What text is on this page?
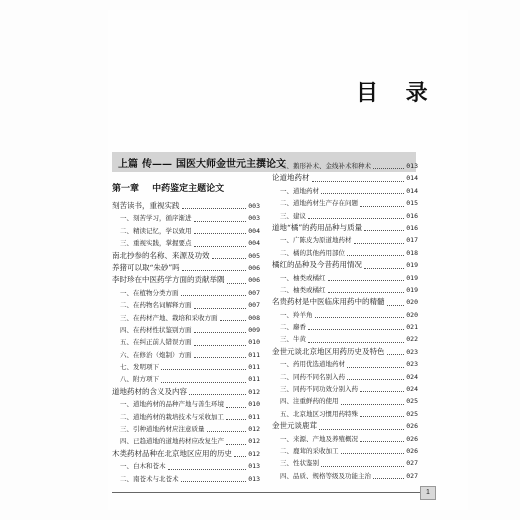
目 录
上篇 传—— 国医大师金世元主撰论文
第一章 中药鉴定主题论文
刻苦读书，重视实践	003
一、刻苦学习，循序渐进	003
二、精读记忆，学以致用	004
三、重视实践，掌握要点	004
南北抄参的名称、来源及功效	005
养猪可以取“朱砂”吗	006
李时珍在中医药学方面的贡献举隅	006
一、在植物分类方面	007
二、在药物名词解释方面	007
三、在药材产地、栽培和采收方面	008
四、在药材性状鉴别方面	009
五、在纠正前人错误方面	010
六、在修治（炮制）方面	011
七、发明项下	011
八、附方项下	011
道地药材的含义及内容	012
一、道地药材的品种产地与善生环境	010
二、道地药材的栽培技术与采收加工	011
三、引种道地药材应注意质量	012
四、已趋道地的道地药材应改复生产	012
木类药材品种在北京地区应用的历史	012
一、白木和苍木	013
二、南苍术与北苍术	013
三、鹅形补术、金线补术和种术	013
论道地药材	014
一、道地药材	014
二、道地药材生产存在问题	015
三、建议	016
道地“橘”的药用品种与质量	016
一、广陈皮为原道地药材	017
二、橘的其他药用部位	018
橘红的品种及今昔药用情况	019
一、柚类或橘红	019
二、柚类或橘红	019
名贵药材是中医临床用药中的精髓	020
一、羚羊角	020
二、麝香	021
三、牛黄	022
金世元谈北京地区用药历史及特色	023
一、药用优选道地药材	023
二、同药不同名别入药	024
三、同药不同功效分别入药	024
四、注重鲜药的使用	025
五、北京地区习惯用药特殊	025
金世元谈鹿茸	026
一、来源、产地及养殖概况	026
二、鹿茸的采收加工	026
三、性状鉴别	027
四、品质、规格等级及功能主治	027
1
